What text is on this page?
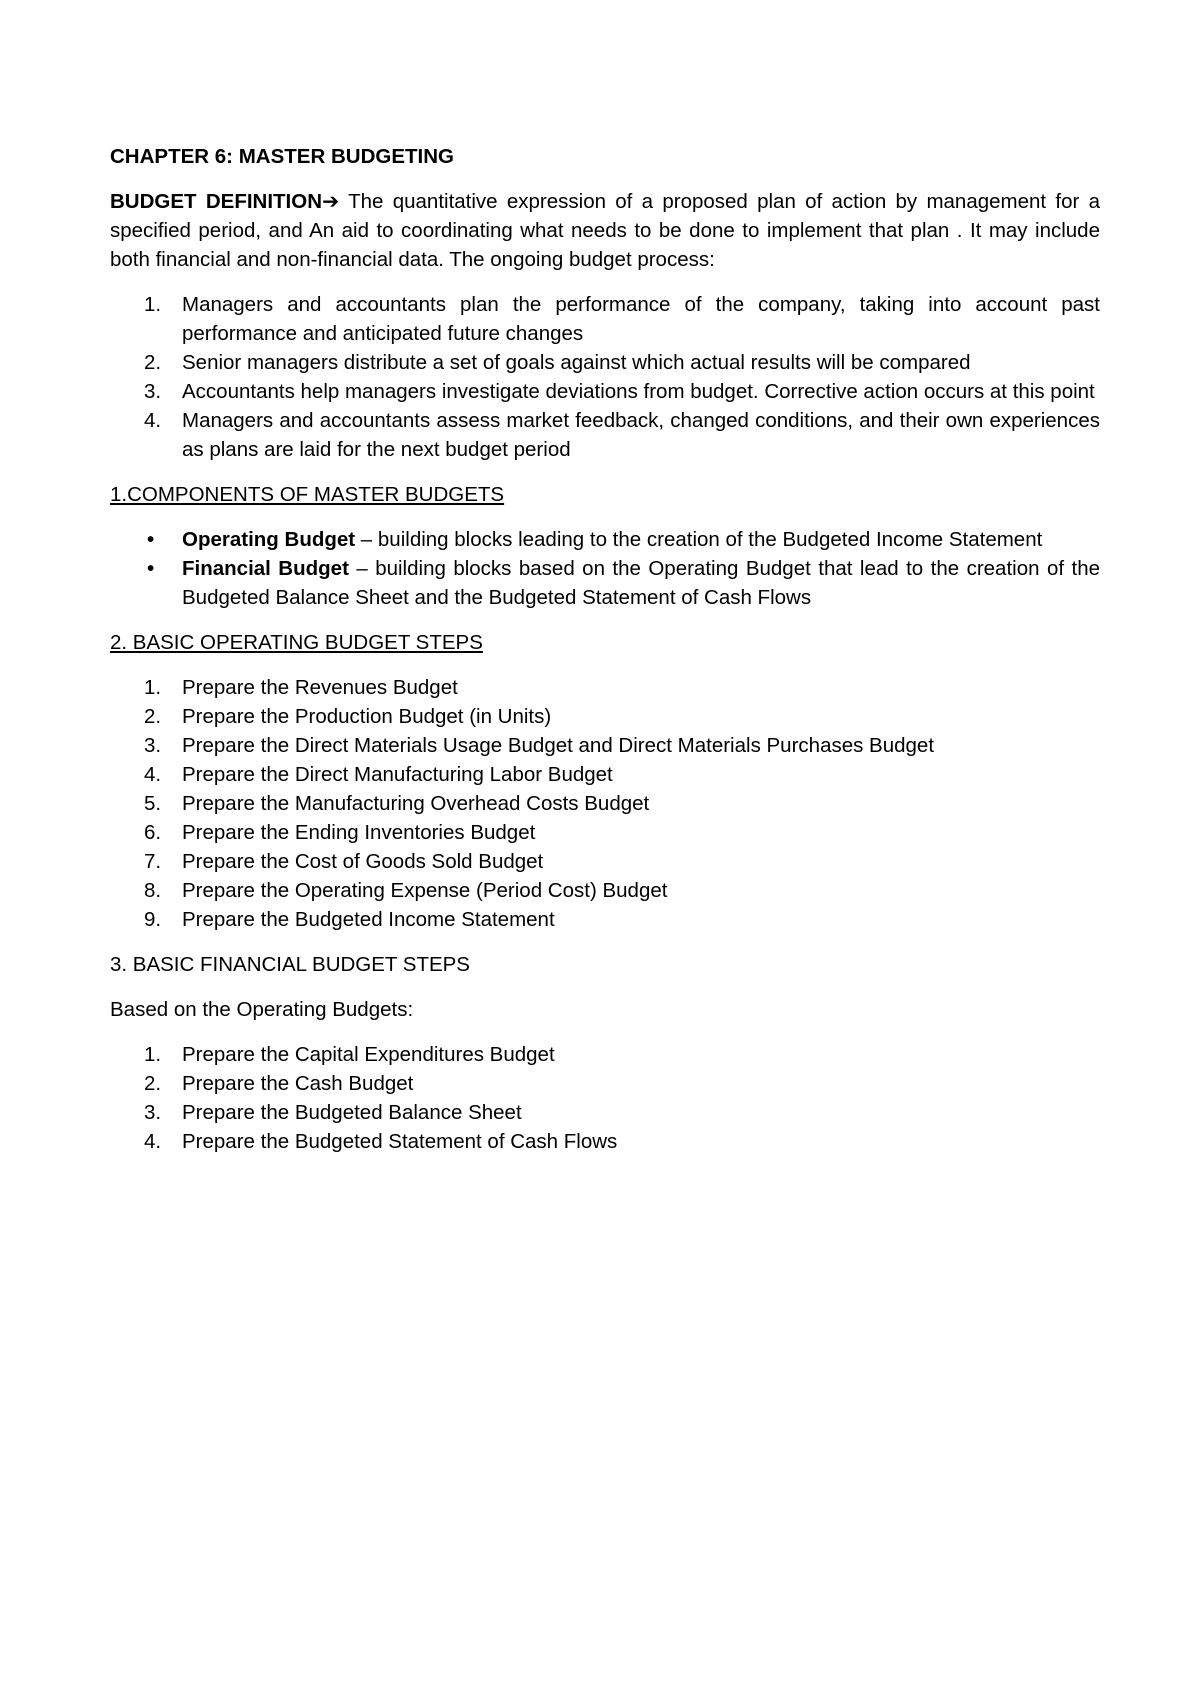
CHAPTER 6: MASTER BUDGETING

BUDGET DEFINITION➔ The quantitative expression of a proposed plan of action by management for a specified period, and An aid to coordinating what needs to be done to implement that plan . It may include both financial and non-financial data. The ongoing budget process:

1. Managers and accountants plan the performance of the company, taking into account past performance and anticipated future changes
2. Senior managers distribute a set of goals against which actual results will be compared
3. Accountants help managers investigate deviations from budget. Corrective action occurs at this point
4. Managers and accountants assess market feedback, changed conditions, and their own experiences as plans are laid for the next budget period
1.COMPONENTS OF MASTER BUDGETS
• Operating Budget – building blocks leading to the creation of the Budgeted Income Statement
• Financial Budget – building blocks based on the Operating Budget that lead to the creation of the Budgeted Balance Sheet and the Budgeted Statement of Cash Flows
2. BASIC OPERATING BUDGET STEPS
1. Prepare the Revenues Budget
2. Prepare the Production Budget (in Units)
3. Prepare the Direct Materials Usage Budget and Direct Materials Purchases Budget
4. Prepare the Direct Manufacturing Labor Budget
5. Prepare the Manufacturing Overhead Costs Budget
6. Prepare the Ending Inventories Budget
7. Prepare the Cost of Goods Sold Budget
8. Prepare the Operating Expense (Period Cost) Budget
9. Prepare the Budgeted Income Statement
3. BASIC FINANCIAL BUDGET STEPS

Based on the Operating Budgets:

1. Prepare the Capital Expenditures Budget
2. Prepare the Cash Budget
3. Prepare the Budgeted Balance Sheet
4. Prepare the Budgeted Statement of Cash Flows
